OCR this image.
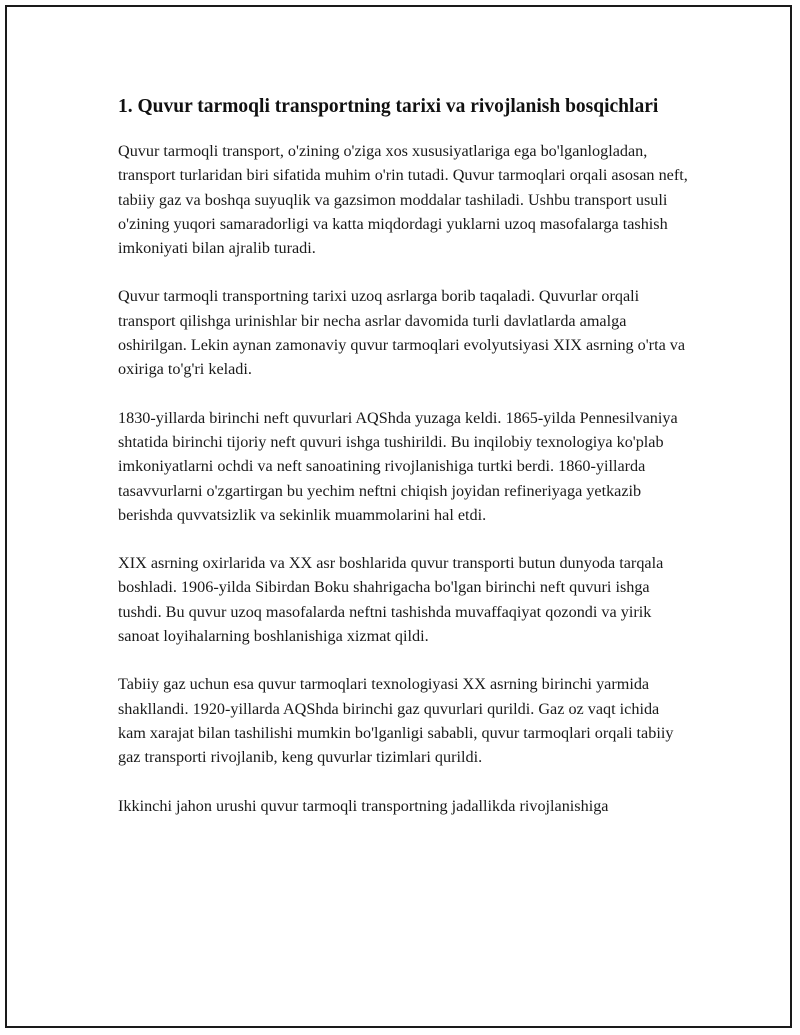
1. Quvur tarmoqli transportning tarixi va rivojlanish bosqichlari

Quvur tarmoqli transport, o'zining o'ziga xos xususiyatlariga ega bo'lganlogladan, transport turlaridan biri sifatida muhim o'rin tutadi. Quvur tarmoqlari orqali asosan neft, tabiiy gaz va boshqa suyuqlik va gazsimon moddalar tashiladi. Ushbu transport usuli o'zining yuqori samaradorligi va katta miqdordagi yuklarni uzoq masofalarga tashish imkoniyati bilan ajralib turadi.

Quvur tarmoqli transportning tarixi uzoq asrlarga borib taqaladi. Quvurlar orqali transport qilishga urinishlar bir necha asrlar davomida turli davlatlarda amalga oshirilgan. Lekin aynan zamonaviy quvur tarmoqlari evolyutsiyasi XIX asrning o'rta va oxiriga to'g'ri keladi.

1830-yillarda birinchi neft quvurlari AQShda yuzaga keldi. 1865-yilda Pennesilvaniya shtatida birinchi tijoriy neft quvuri ishga tushirildi. Bu inqilobiy texnologiya ko'plab imkoniyatlarni ochdi va neft sanoatining rivojlanishiga turtki berdi. 1860-yillarda tasavvurlarni o'zgartirgan bu yechim neftni chiqish joyidan refineriyaga yetkazib berishda quvvatsizlik va sekinlik muammolarini hal etdi.

XIX asrning oxirlarida va XX asr boshlarida quvur transporti butun dunyoda tarqala boshladi. 1906-yilda Sibirdan Boku shahrigacha bo'lgan birinchi neft quvuri ishga tushdi. Bu quvur uzoq masofalarda neftni tashishda muvaffaqiyat qozondi va yirik sanoat loyihalarning boshlanishiga xizmat qildi.

Tabiiy gaz uchun esa quvur tarmoqlari texnologiyasi XX asrning birinchi yarmida shakllandi. 1920-yillarda AQShda birinchi gaz quvurlari qurildi. Gaz oz vaqt ichida kam xarajat bilan tashilishi mumkin bo'lganligi sababli, quvur tarmoqlari orqali tabiiy gaz transporti rivojlanib, keng quvurlar tizimlari qurildi.

Ikkinchi jahon urushi quvur tarmoqli transportning jadallikda rivojlanishiga
